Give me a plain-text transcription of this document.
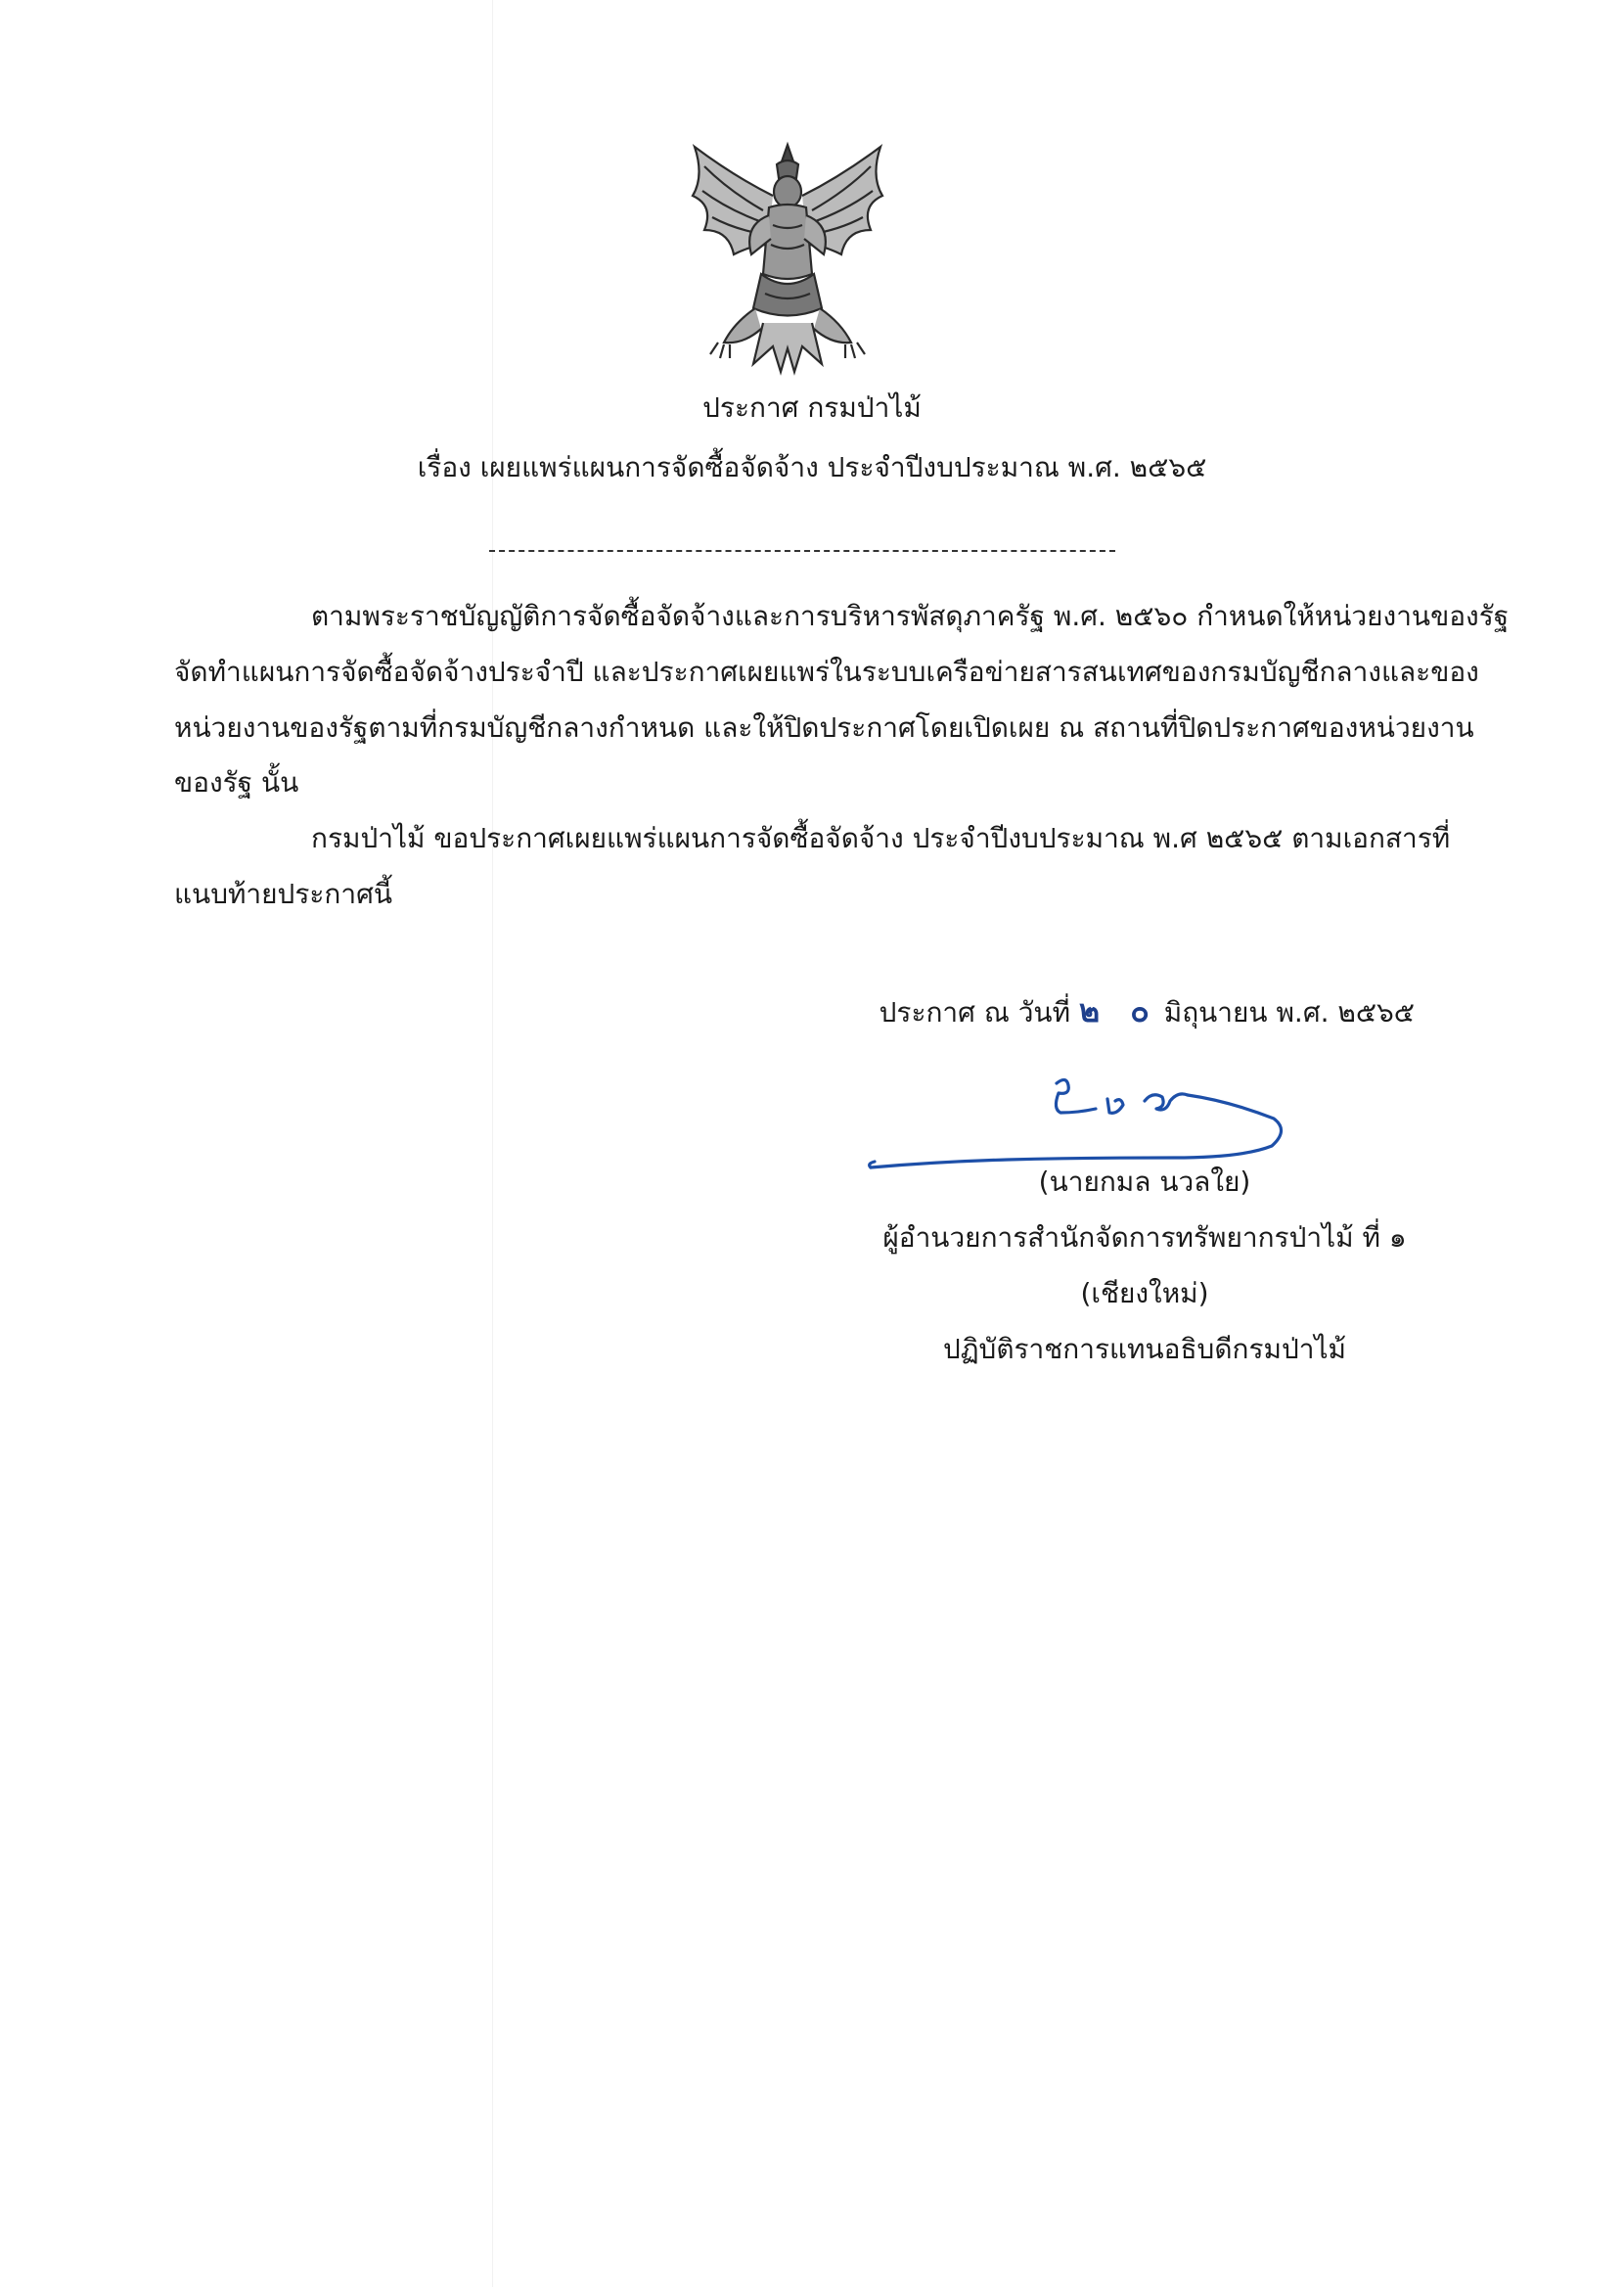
ประกาศ กรมป่าไม้
เรื่อง เผยแพร่แผนการจัดซื้อจัดจ้าง ประจำปีงบประมาณ พ.ศ. ๒๕๖๕
ตามพระราชบัญญัติการจัดซื้อจัดจ้างและการบริหารพัสดุภาครัฐ พ.ศ. ๒๕๖๐ กำหนดให้หน่วยงานของรัฐ
จัดทำแผนการจัดซื้อจัดจ้างประจำปี และประกาศเผยแพร่ในระบบเครือข่ายสารสนเทศของกรมบัญชีกลางและของ
หน่วยงานของรัฐตามที่กรมบัญชีกลางกำหนด และให้ปิดประกาศโดยเปิดเผย ณ สถานที่ปิดประกาศของหน่วยงาน
ของรัฐ นั้น
กรมป่าไม้ ขอประกาศเผยแพร่แผนการจัดซื้อจัดจ้าง ประจำปีงบประมาณ พ.ศ ๒๕๖๕ ตามเอกสารที่
แนบท้ายประกาศนี้
ประกาศ ณ วันที่ ๒ ๐ มิถุนายน พ.ศ. ๒๕๖๕
(นายกมล นวลใย)
ผู้อำนวยการสำนักจัดการทรัพยากรป่าไม้ ที่ ๑
(เชียงใหม่)
ปฏิบัติราชการแทนอธิบดีกรมป่าไม้
